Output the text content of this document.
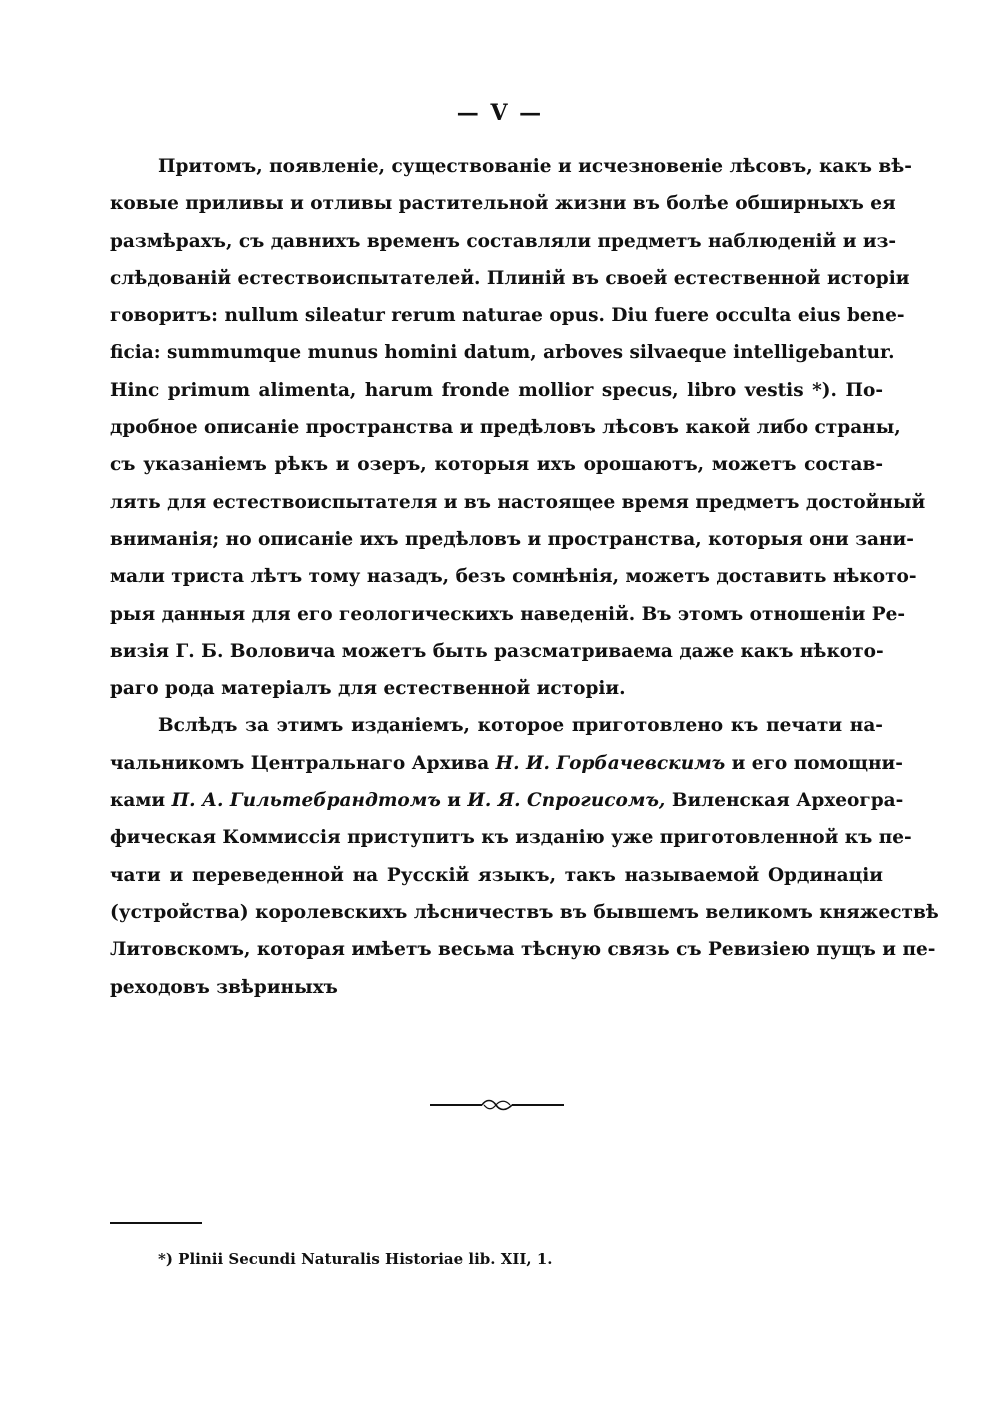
— V —
Притомъ, появленіе, существованіе и исчезновеніе лѣсовъ, какъ вѣ-
ковые приливы и отливы растительной жизни въ болѣе обширныхъ ея
размѣрахъ, съ давнихъ временъ составляли предметъ наблюденій и из-
слѣдованій естествоиспытателей. Плиній въ своей естественной исторіи
говоритъ: nullum sileatur rerum naturae opus. Diu fuere occulta eius bene-
ficia: summumque munus homini datum, arboves silvaeque intelligebantur.
Hinc primum alimenta, harum fronde mollior specus, libro vestis *). По-
дробное описаніе пространства и предѣловъ лѣсовъ какой либо страны,
съ указаніемъ рѣкъ и озеръ, которыя ихъ орошаютъ, можетъ состав-
лять для естествоиспытателя и въ настоящее время предметъ достойный
вниманія; но описаніе ихъ предѣловъ и пространства, которыя они зани-
мали триста лѣтъ тому назадъ, безъ сомнѣнія, можетъ доставить нѣкото-
рыя данныя для его геологическихъ наведеній. Въ этомъ отношеніи Ре-
визія Г. Б. Воловича можетъ быть разсматриваема даже какъ нѣкото-
раго рода матеріалъ для естественной исторіи.
Вслѣдъ за этимъ изданіемъ, которое приготовлено къ печати на-
чальникомъ Центральнаго Архива Н. И. Горбачевскимъ и его помощни-
ками П. А. Гильтебрандтомъ и И. Я. Спрогисомъ, Виленская Археогра-
фическая Коммиссія приступитъ къ изданію уже приготовленной къ пе-
чати и переведенной на Русскій языкъ, такъ называемой Ординаціи
(устройства) королевскихъ лѣсничествъ въ бывшемъ великомъ княжествѣ
Литовскомъ, которая имѣетъ весьма тѣсную связь съ Ревизіею пущъ и пе-
реходовъ звѣриныхъ
*) Plinii Secundi Naturalis Historiae lib. XII, 1.
